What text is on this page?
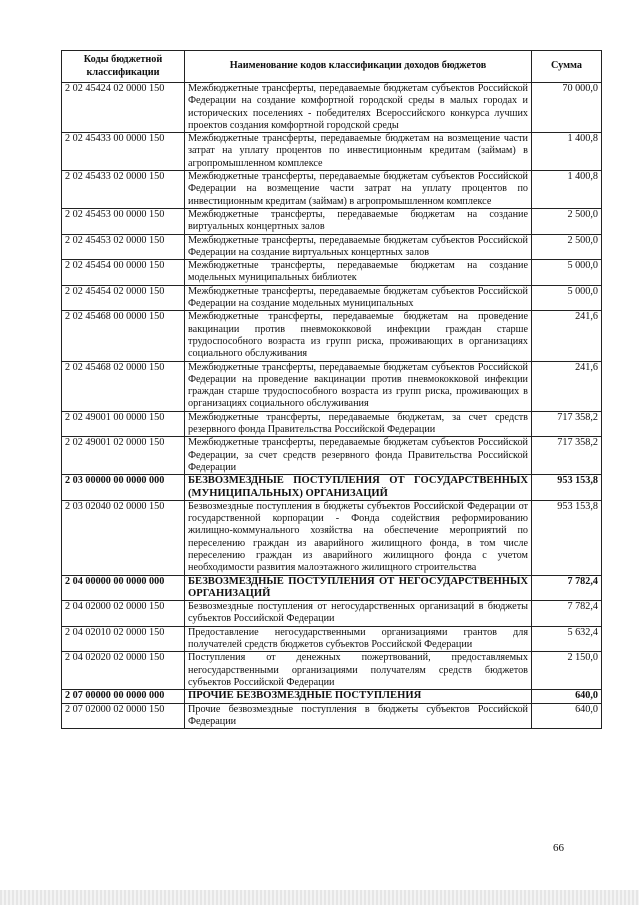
Коды бюджетной классификации	Наименование кодов классификации доходов бюджетов	Сумма
2 02 45424 02 0000 150	Межбюджетные трансферты, передаваемые бюджетам субъектов Российской Федерации на создание комфортной городской среды в малых городах и исторических поселениях - победителях Всероссийского конкурса лучших проектов создания комфортной городской среды	70 000,0
2 02 45433 00 0000 150	Межбюджетные трансферты, передаваемые бюджетам на возмещение части затрат на уплату процентов по инвестиционным кредитам (займам) в агропромышленном комплексе	1 400,8
2 02 45433 02 0000 150	Межбюджетные трансферты, передаваемые бюджетам субъектов Российской Федерации на возмещение части затрат на уплату процентов по инвестиционным кредитам (займам) в агропромышленном комплексе	1 400,8
2 02 45453 00 0000 150	Межбюджетные трансферты, передаваемые бюджетам на создание виртуальных концертных залов	2 500,0
2 02 45453 02 0000 150	Межбюджетные трансферты, передаваемые бюджетам субъектов Российской Федерации на создание виртуальных концертных залов	2 500,0
2 02 45454 00 0000 150	Межбюджетные трансферты, передаваемые бюджетам на создание модельных муниципальных библиотек	5 000,0
2 02 45454 02 0000 150	Межбюджетные трансферты, передаваемые бюджетам субъектов Российской Федерации на создание модельных муниципальных	5 000,0
2 02 45468 00 0000 150	Межбюджетные трансферты, передаваемые бюджетам на проведение вакцинации против пневмококковой инфекции граждан старше трудоспособного возраста из групп риска, проживающих в организациях социального обслуживания	241,6
2 02 45468 02 0000 150	Межбюджетные трансферты, передаваемые бюджетам субъектов Российской Федерации на проведение вакцинации против пневмококковой инфекции граждан старше трудоспособного возраста из групп риска, проживающих в организациях социального обслуживания	241,6
2 02 49001 00 0000 150	Межбюджетные трансферты, передаваемые бюджетам, за счет средств резервного фонда Правительства Российской Федерации	717 358,2
2 02 49001 02 0000 150	Межбюджетные трансферты, передаваемые бюджетам субъектов Российской Федерации, за счет средств резервного фонда Правительства Российской Федерации	717 358,2
2 03 00000 00 0000 000	БЕЗВОЗМЕЗДНЫЕ ПОСТУПЛЕНИЯ ОТ ГОСУДАРСТВЕННЫХ (МУНИЦИПАЛЬНЫХ) ОРГАНИЗАЦИЙ	953 153,8
2 03 02040 02 0000 150	Безвозмездные поступления в бюджеты субъектов Российской Федерации от государственной корпорации - Фонда содействия реформированию жилищно-коммунального хозяйства на обеспечение мероприятий по переселению граждан из аварийного жилищного фонда, в том числе переселению граждан из аварийного жилищного фонда с учетом необходимости развития малоэтажного жилищного строительства	953 153,8
2 04 00000 00 0000 000	БЕЗВОЗМЕЗДНЫЕ ПОСТУПЛЕНИЯ ОТ НЕГОСУДАРСТВЕННЫХ ОРГАНИЗАЦИЙ	7 782,4
2 04 02000 02 0000 150	Безвозмездные поступления от негосударственных организаций в бюджеты субъектов Российской Федерации	7 782,4
2 04 02010 02 0000 150	Предоставление негосударственными организациями грантов для получателей средств бюджетов субъектов Российской Федерации	5 632,4
2 04 02020 02 0000 150	Поступления от денежных пожертвований, предоставляемых негосударственными организациями получателям средств бюджетов субъектов Российской Федерации	2 150,0
2 07 00000 00 0000 000	ПРОЧИЕ БЕЗВОЗМЕЗДНЫЕ ПОСТУПЛЕНИЯ	640,0
2 07 02000 02 0000 150	Прочие безвозмездные поступления в бюджеты субъектов Российской Федерации	640,0
66
